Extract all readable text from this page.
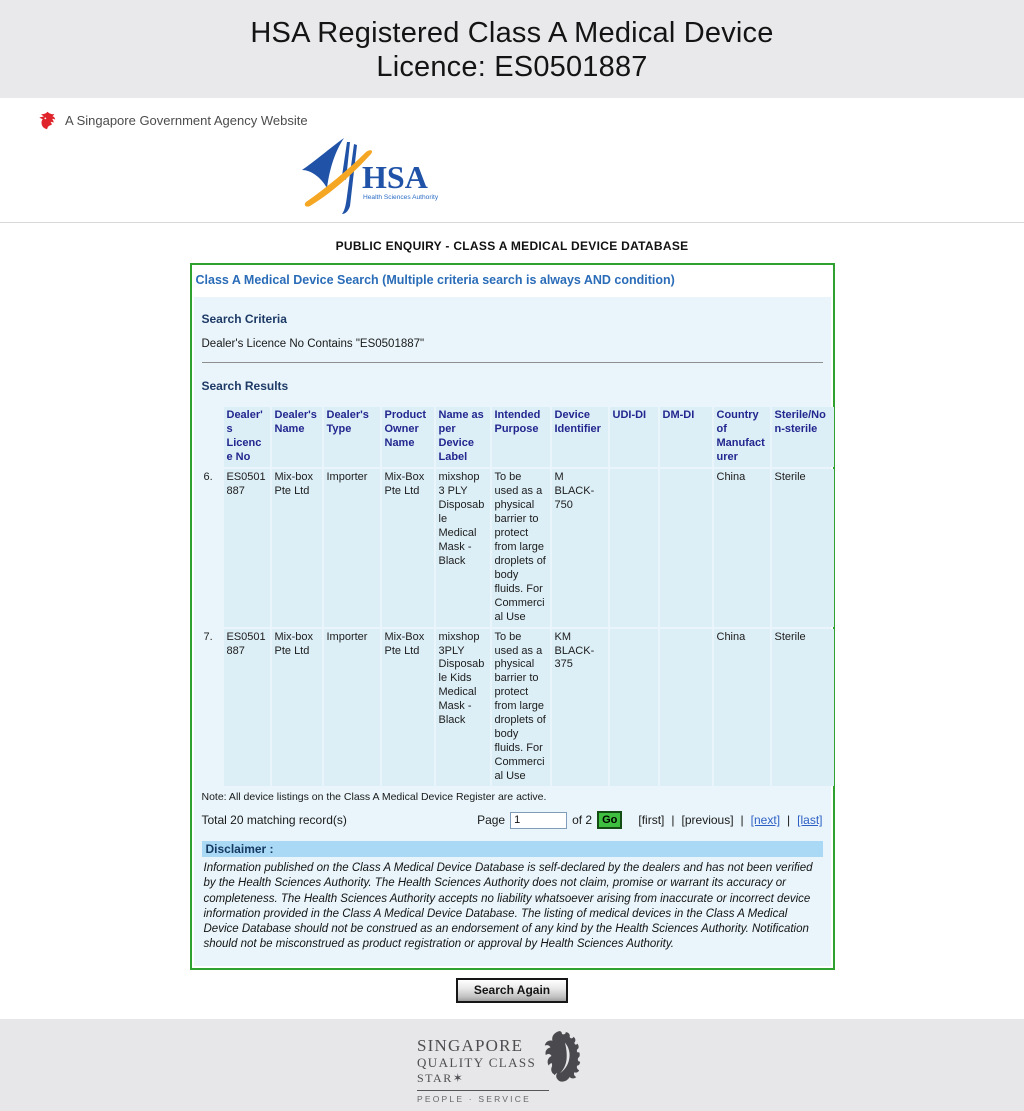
HSA Registered Class A Medical Device
Licence: ES0501887
A Singapore Government Agency Website
HSA
Health Sciences Authority
PUBLIC ENQUIRY - CLASS A MEDICAL DEVICE DATABASE
Class A Medical Device Search (Multiple criteria search is always AND condition)
Search Criteria
Dealer's Licence No Contains "ES0501887"
Search Results
	Dealer's Licence No	Dealer's Name	Dealer's Type	Product Owner Name	Name as per Device Label	Intended Purpose	Device Identifier	UDI-DI	DM-DI	Country of Manufacturer	Sterile/Non-sterile
6.	ES0501887	Mix-box Pte Ltd	Importer	Mix-Box Pte Ltd	mixshop 3 PLY Disposable Medical Mask - Black	To be used as a physical barrier to protect from large droplets of body fluids. For Commercial Use	M BLACK-750			China	Sterile
7.	ES0501887	Mix-box Pte Ltd	Importer	Mix-Box Pte Ltd	mixshop 3PLY Disposable Kids Medical Mask - Black	To be used as a physical barrier to protect from large droplets of body fluids. For Commercial Use	KM BLACK-375			China	Sterile
Note: All device listings on the Class A Medical Device Register are active.
Total 20 matching record(s)	Page
1	of 2 Go	[first] | [previous] | [next] | [last]
Disclaimer :
Information published on the Class A Medical Device Database is self-declared by the dealers and has not been verified by the Health Sciences Authority. The Health Sciences Authority does not claim, promise or warrant its accuracy or completeness. The Health Sciences Authority accepts no liability whatsoever arising from inaccurate or incorrect device information provided in the Class A Medical Device Database. The listing of medical devices in the Class A Medical Device Database should not be construed as an endorsement of any kind by the Health Sciences Authority. Notification should not be misconstrued as product registration or approval by Health Sciences Authority.
Search Again
SINGAPORE
QUALITY CLASS
STAR✶
PEOPLE · SERVICE
